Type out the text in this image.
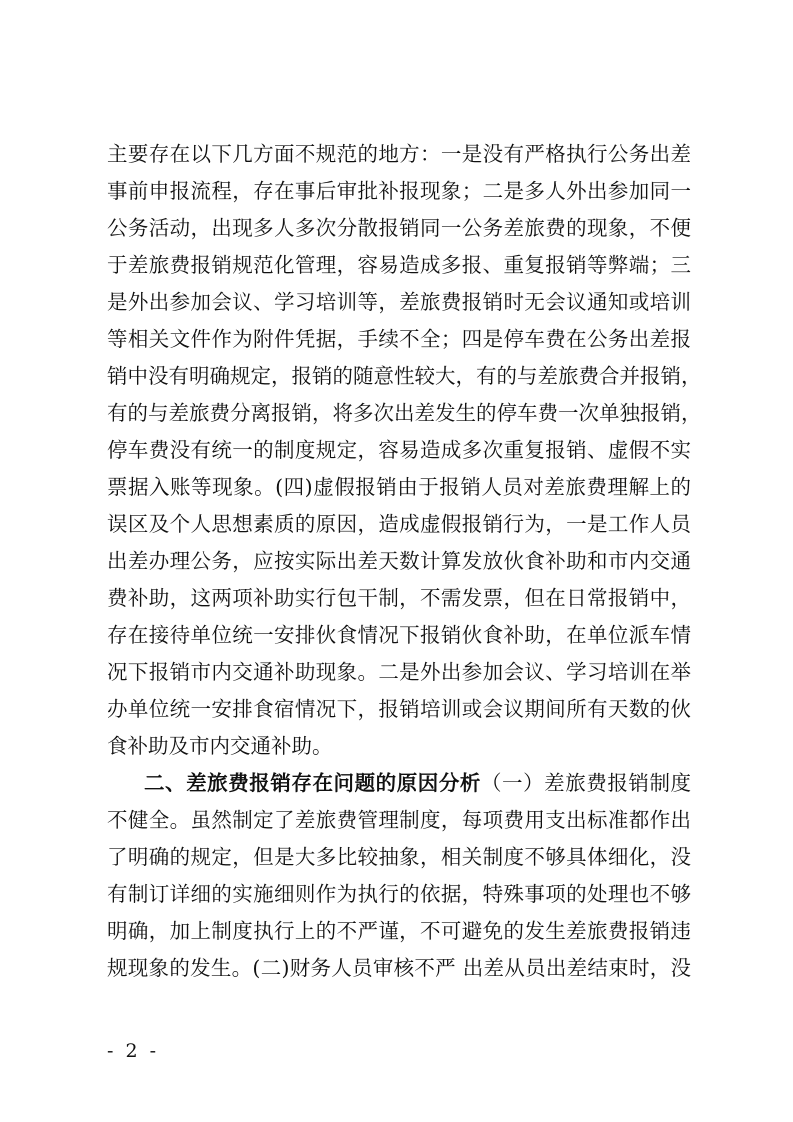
主要存在以下几方面不规范的地方：一是没有严格执行公务出差
事前申报流程，存在事后审批补报现象；二是多人外出参加同一
公务活动，出现多人多次分散报销同一公务差旅费的现象，不便
于差旅费报销规范化管理，容易造成多报、重复报销等弊端；三
是外出参加会议、学习培训等，差旅费报销时无会议通知或培训
等相关文件作为附件凭据，手续不全；四是停车费在公务出差报
销中没有明确规定，报销的随意性较大，有的与差旅费合并报销，
有的与差旅费分离报销，将多次出差发生的停车费一次单独报销，
停车费没有统一的制度规定，容易造成多次重复报销、虚假不实
票据入账等现象。(四)虚假报销由于报销人员对差旅费理解上的
误区及个人思想素质的原因，造成虚假报销行为，一是工作人员
出差办理公务，应按实际出差天数计算发放伙食补助和市内交通
费补助，这两项补助实行包干制，不需发票，但在日常报销中，
存在接待单位统一安排伙食情况下报销伙食补助，在单位派车情
况下报销市内交通补助现象。二是外出参加会议、学习培训在举
办单位统一安排食宿情况下，报销培训或会议期间所有天数的伙
食补助及市内交通补助。
二、差旅费报销存在问题的原因分析（一）差旅费报销制度
不健全。虽然制定了差旅费管理制度，每项费用支出标准都作出
了明确的规定，但是大多比较抽象，相关制度不够具体细化，没
有制订详细的实施细则作为执行的依据，特殊事项的处理也不够
明确，加上制度执行上的不严谨，不可避免的发生差旅费报销违
规现象的发生。(二)财务人员审核不严 出差从员出差结束时，没
- 2 -
